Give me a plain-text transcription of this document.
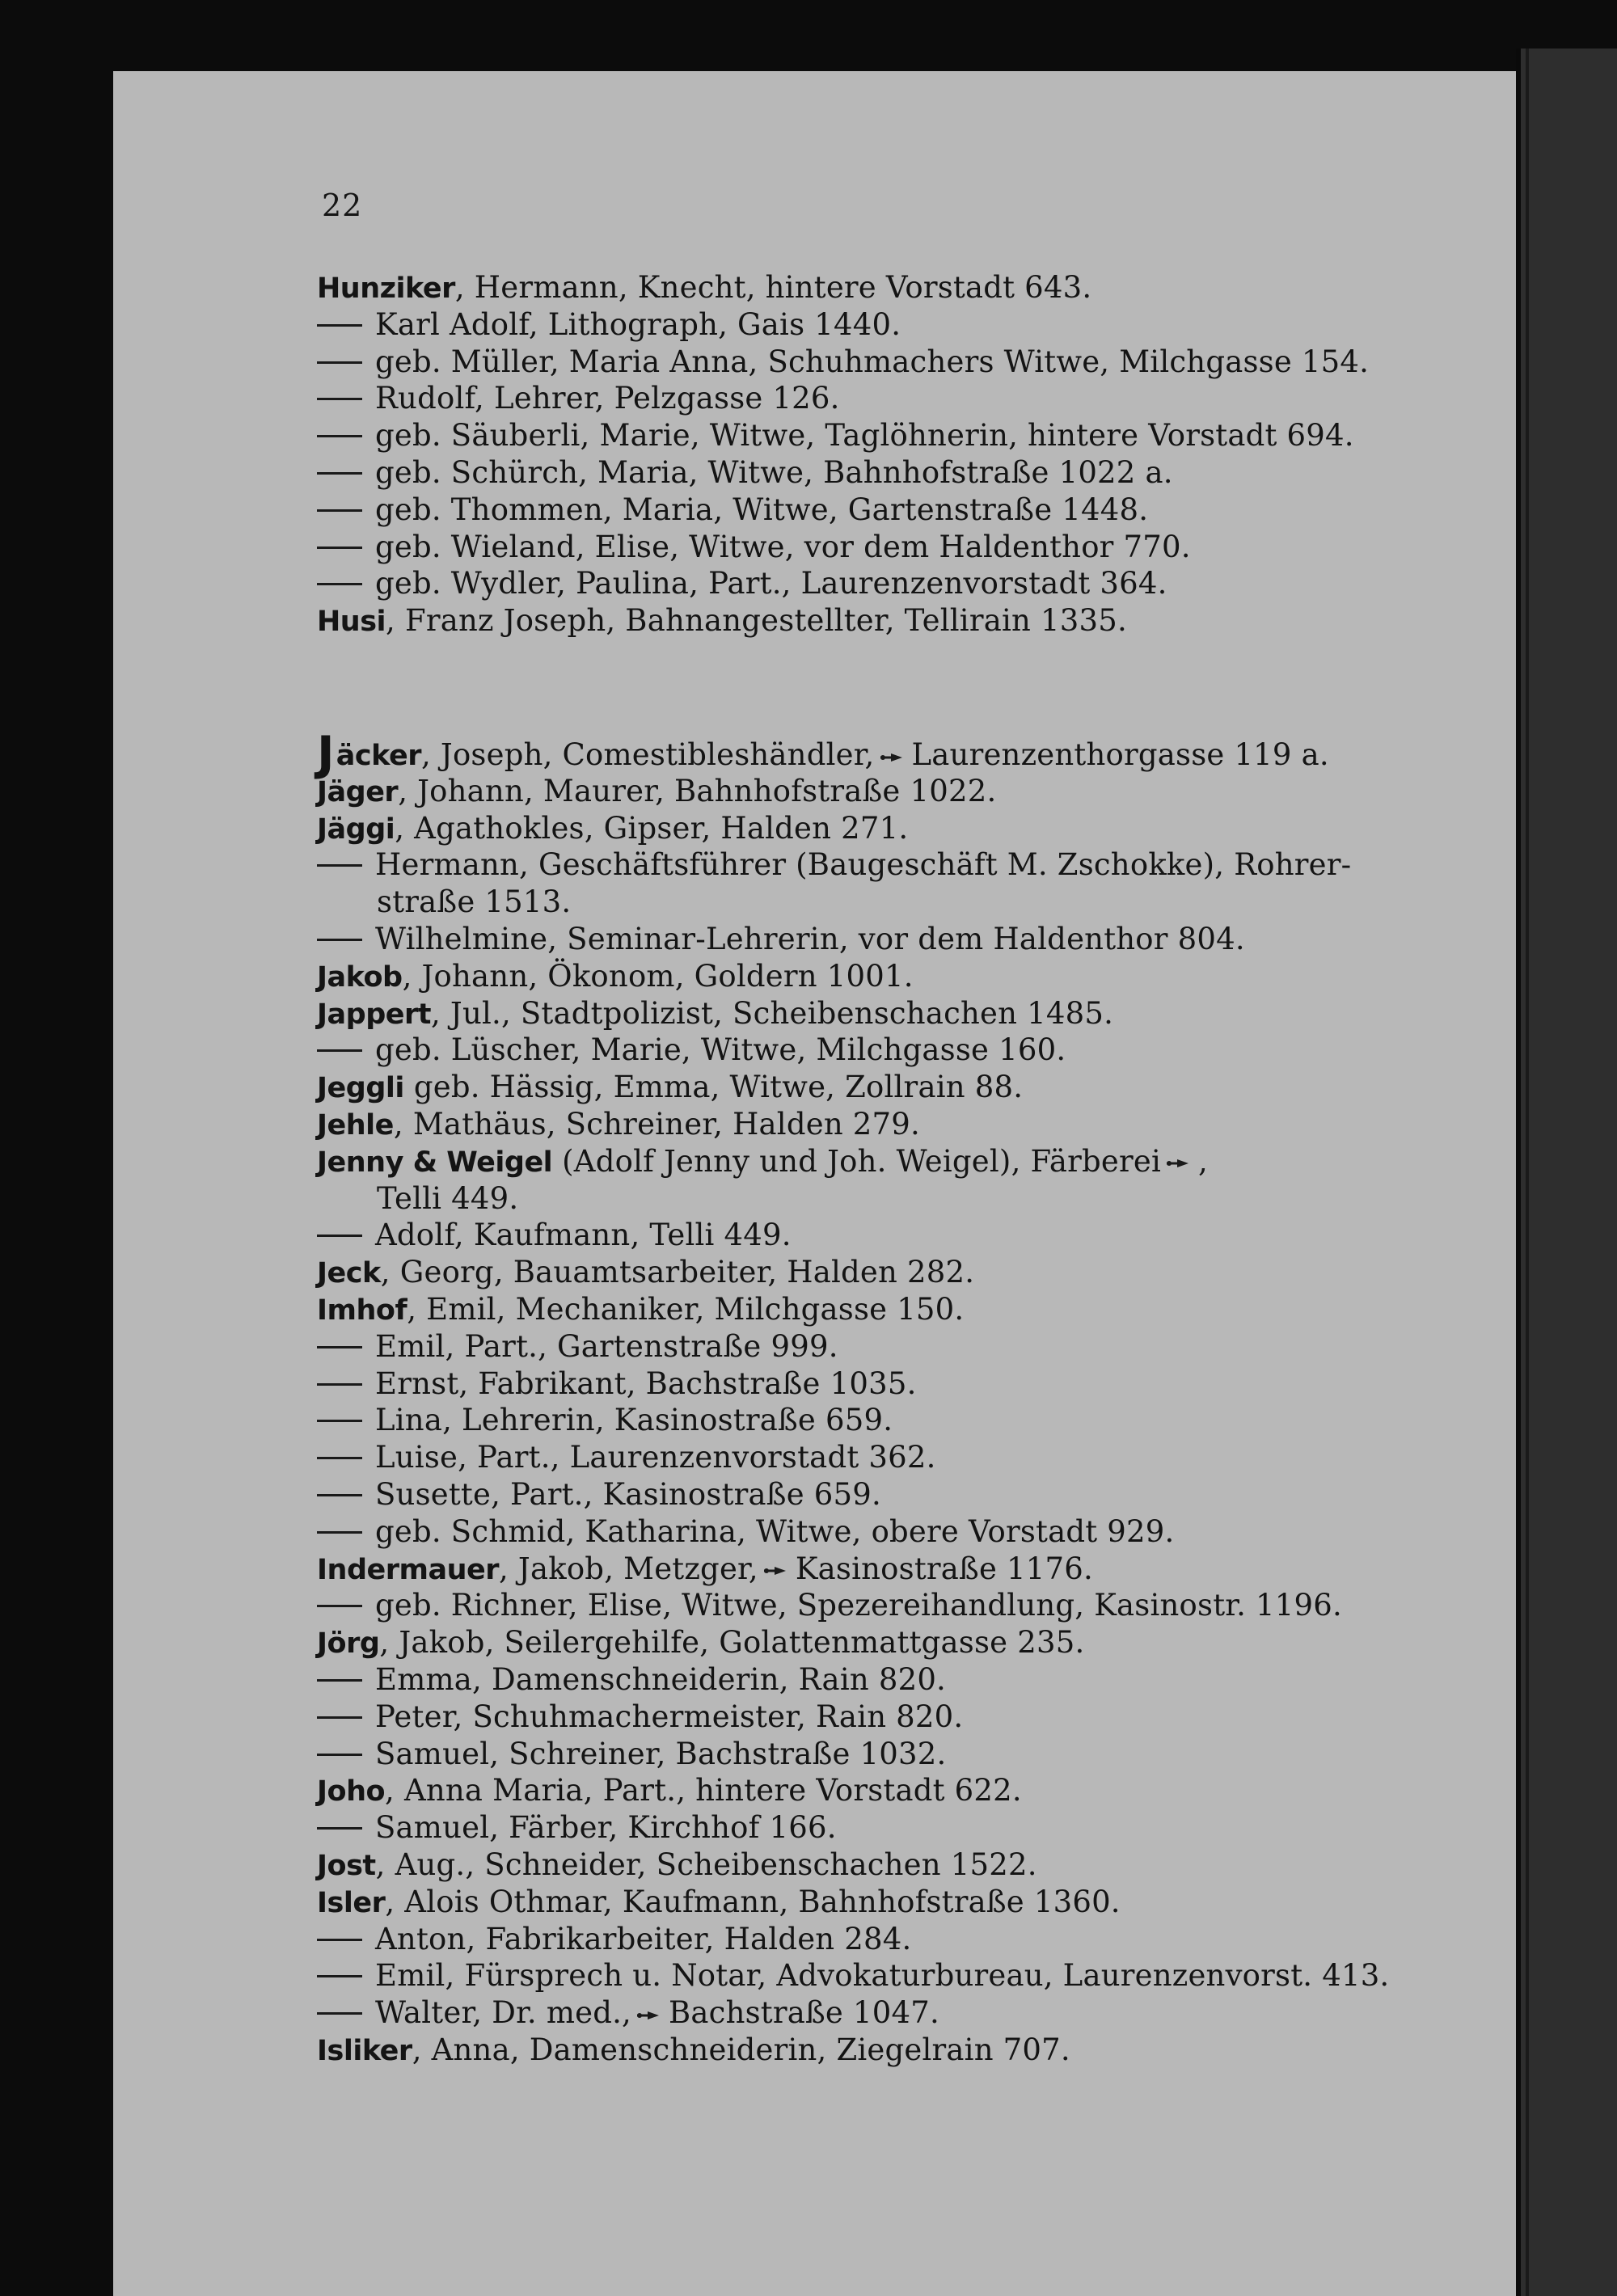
22
Hunziker, Hermann, Knecht, hintere Vorstadt 643.
Karl Adolf, Lithograph, Gais 1440.
geb. Müller, Maria Anna, Schuhmachers Witwe, Milchgasse 154.
Rudolf, Lehrer, Pelzgasse 126.
geb. Säuberli, Marie, Witwe, Taglöhnerin, hintere Vorstadt 694.
geb. Schürch, Maria, Witwe, Bahnhofstraße 1022 a.
geb. Thommen, Maria, Witwe, Gartenstraße 1448.
geb. Wieland, Elise, Witwe, vor dem Haldenthor 770.
geb. Wydler, Paulina, Part., Laurenzenvorstadt 364.
Husi, Franz Joseph, Bahnangestellter, Tellirain 1335.
Jäcker, Joseph, Comestibleshändler, Laurenzenthorgasse 119 a.
Jäger, Johann, Maurer, Bahnhofstraße 1022.
Jäggi, Agathokles, Gipser, Halden 271.
Hermann, Geschäftsführer (Baugeschäft M. Zschokke), Rohrer-
straße 1513.
Wilhelmine, Seminar-Lehrerin, vor dem Haldenthor 804.
Jakob, Johann, Ökonom, Goldern 1001.
Jappert, Jul., Stadtpolizist, Scheibenschachen 1485.
geb. Lüscher, Marie, Witwe, Milchgasse 160.
Jeggli geb. Hässig, Emma, Witwe, Zollrain 88.
Jehle, Mathäus, Schreiner, Halden 279.
Jenny & Weigel (Adolf Jenny und Joh. Weigel), Färberei ,
Telli 449.
Adolf, Kaufmann, Telli 449.
Jeck, Georg, Bauamtsarbeiter, Halden 282.
Imhof, Emil, Mechaniker, Milchgasse 150.
Emil, Part., Gartenstraße 999.
Ernst, Fabrikant, Bachstraße 1035.
Lina, Lehrerin, Kasinostraße 659.
Luise, Part., Laurenzenvorstadt 362.
Susette, Part., Kasinostraße 659.
geb. Schmid, Katharina, Witwe, obere Vorstadt 929.
Indermauer, Jakob, Metzger, Kasinostraße 1176.
geb. Richner, Elise, Witwe, Spezereihandlung, Kasinostr. 1196.
Jörg, Jakob, Seilergehilfe, Golattenmattgasse 235.
Emma, Damenschneiderin, Rain 820.
Peter, Schuhmachermeister, Rain 820.
Samuel, Schreiner, Bachstraße 1032.
Joho, Anna Maria, Part., hintere Vorstadt 622.
Samuel, Färber, Kirchhof 166.
Jost, Aug., Schneider, Scheibenschachen 1522.
Isler, Alois Othmar, Kaufmann, Bahnhofstraße 1360.
Anton, Fabrikarbeiter, Halden 284.
Emil, Fürsprech u. Notar, Advokaturbureau, Laurenzenvorst. 413.
Walter, Dr. med., Bachstraße 1047.
Isliker, Anna, Damenschneiderin, Ziegelrain 707.
